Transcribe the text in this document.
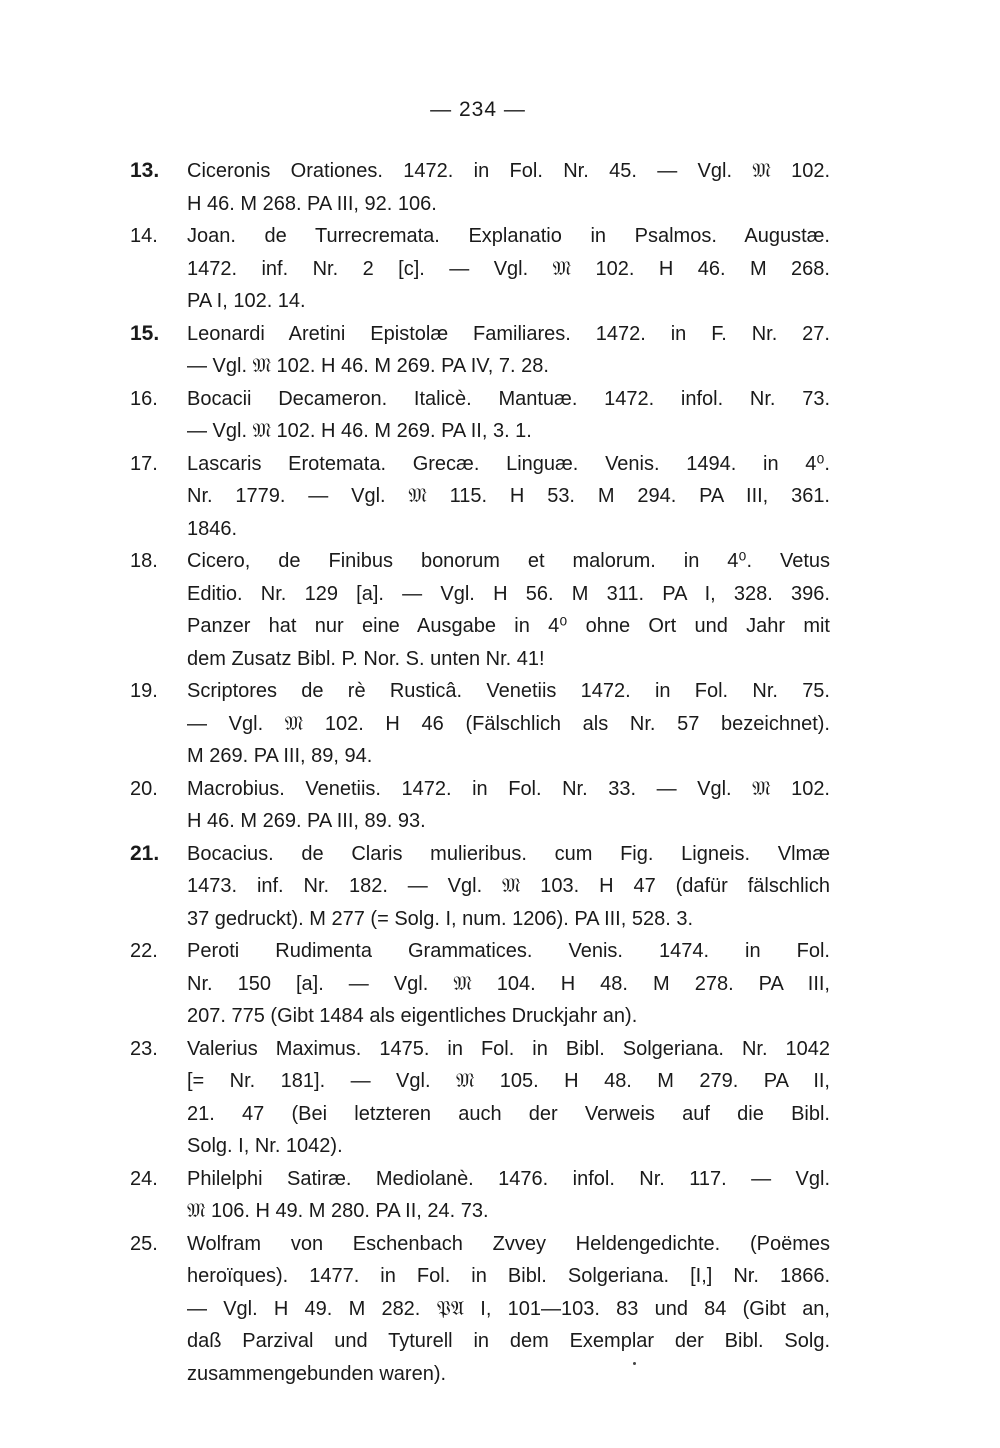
— 234 —
13. Ciceronis Orationes. 1472. in Fol. Nr. 45. — Vgl. 𝔐 102.
H 46. M 268. PA III, 92. 106.
14. Joan. de Turrecremata. Explanatio in Psalmos. Augustæ.
1472. inf. Nr. 2 [c]. — Vgl. 𝔐 102. H 46. M 268.
PA I, 102. 14.
15. Leonardi Aretini Epistolæ Familiares. 1472. in F. Nr. 27.
— Vgl. 𝔐 102. H 46. M 269. PA IV, 7. 28.
16. Bocacii Decameron. Italicè. Mantuæ. 1472. infol. Nr. 73.
— Vgl. 𝔐 102. H 46. M 269. PA II, 3. 1.
17. Lascaris Erotemata. Grecæ. Linguæ. Venis. 1494. in 4⁰.
Nr. 1779. — Vgl. 𝔐 115. H 53. M 294. PA III, 361.
1846.
18. Cicero, de Finibus bonorum et malorum. in 4⁰. Vetus
Editio. Nr. 129 [a]. — Vgl. H 56. M 311. PA I, 328. 396.
Panzer hat nur eine Ausgabe in 4⁰ ohne Ort und Jahr mit
dem Zusatz Bibl. P. Nor. S. unten Nr. 41!
19. Scriptores de rè Rusticâ. Venetiis 1472. in Fol. Nr. 75.
— Vgl. 𝔐 102. H 46 (Fälschlich als Nr. 57 bezeichnet).
M 269. PA III, 89, 94.
20. Macrobius. Venetiis. 1472. in Fol. Nr. 33. — Vgl. 𝔐 102.
H 46. M 269. PA III, 89. 93.
21. Bocacius. de Claris mulieribus. cum Fig. Ligneis. Vlmæ
1473. inf. Nr. 182. — Vgl. 𝔐 103. H 47 (dafür fälschlich
37 gedruckt). M 277 (= Solg. I, num. 1206). PA III, 528. 3.
22. Peroti Rudimenta Grammatices. Venis. 1474. in Fol.
Nr. 150 [a]. — Vgl. 𝔐 104. H 48. M 278. PA III,
207. 775 (Gibt 1484 als eigentliches Druckjahr an).
23. Valerius Maximus. 1475. in Fol. in Bibl. Solgeriana. Nr. 1042
[= Nr. 181]. — Vgl. 𝔐 105. H 48. M 279. PA II,
21. 47 (Bei letzteren auch der Verweis auf die Bibl.
Solg. I, Nr. 1042).
24. Philelphi Satiræ. Mediolanè. 1476. infol. Nr. 117. — Vgl.
𝔐 106. H 49. M 280. PA II, 24. 73.
25. Wolfram von Eschenbach Zvvey Heldengedichte. (Poëmes
heroïques). 1477. in Fol. in Bibl. Solgeriana. [I,] Nr. 1866.
— Vgl. H 49. M 282. 𝔓𝔄 I, 101—103. 83 und 84 (Gibt an,
daß Parzival und Tyturell in dem Exemplar der Bibl. Solg.
zusammengebunden waren).
